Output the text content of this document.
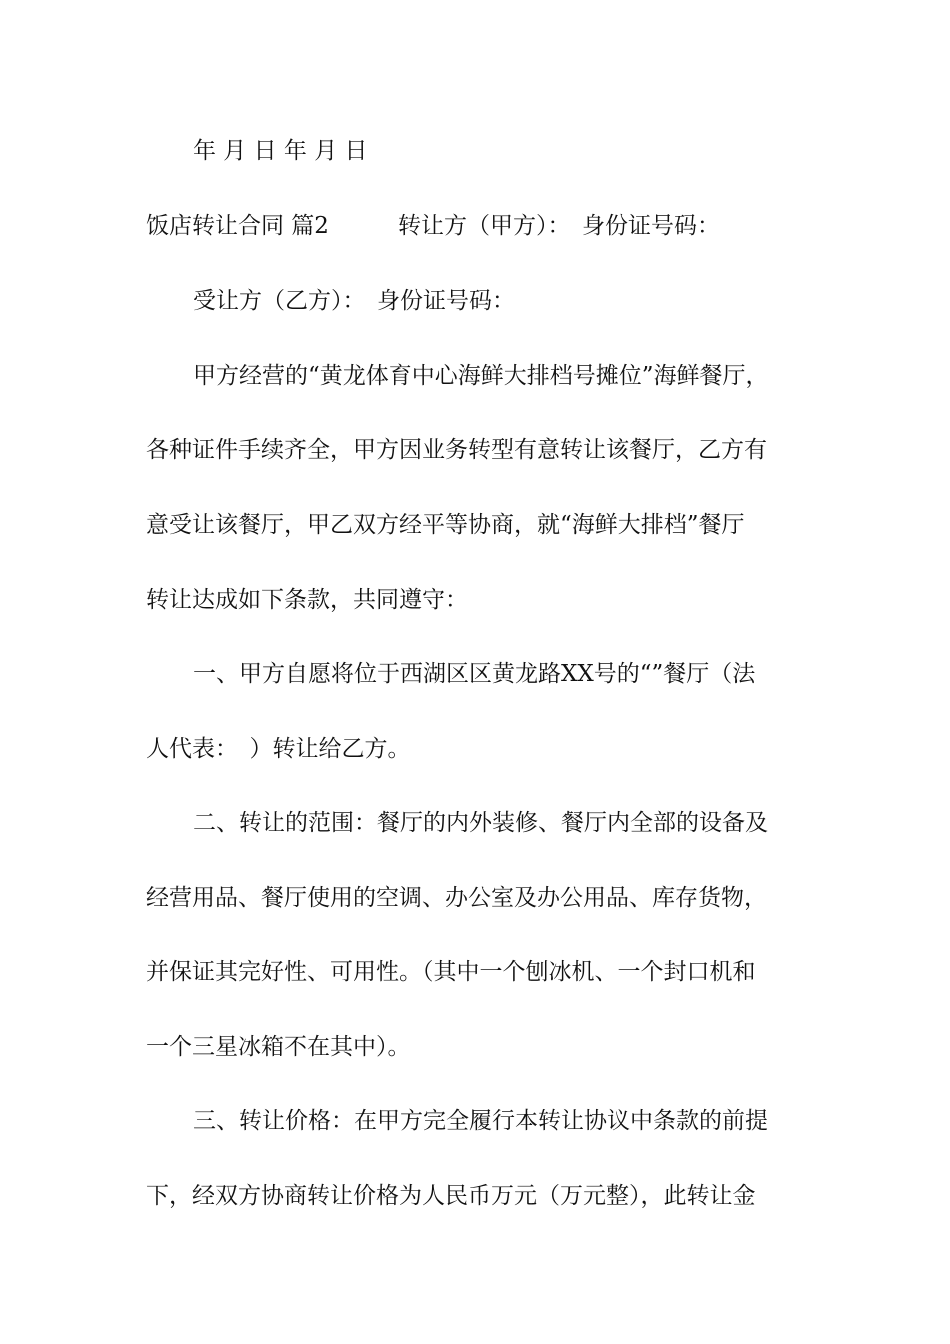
年 月 日 年 月 日
饭店转让合同 篇2　　　转让方（甲方）：　身份证号码：
受让方（乙方）：　身份证号码：
甲方经营的“黄龙体育中心海鲜大排档号摊位”海鲜餐厅，
各种证件手续齐全，甲方因业务转型有意转让该餐厅，乙方有
意受让该餐厅，甲乙双方经平等协商，就“海鲜大排档”餐厅
转让达成如下条款，共同遵守：
一、甲方自愿将位于西湖区区黄龙路XX号的“”餐厅（法
人代表：　）转让给乙方。
二、转让的范围：餐厅的内外装修、餐厅内全部的设备及
经营用品、餐厅使用的空调、办公室及办公用品、库存货物，
并保证其完好性、可用性。（其中一个刨冰机、一个封口机和
一个三星冰箱不在其中）。
三、转让价格：在甲方完全履行本转让协议中条款的前提
下，经双方协商转让价格为人民币万元（万元整），此转让金
